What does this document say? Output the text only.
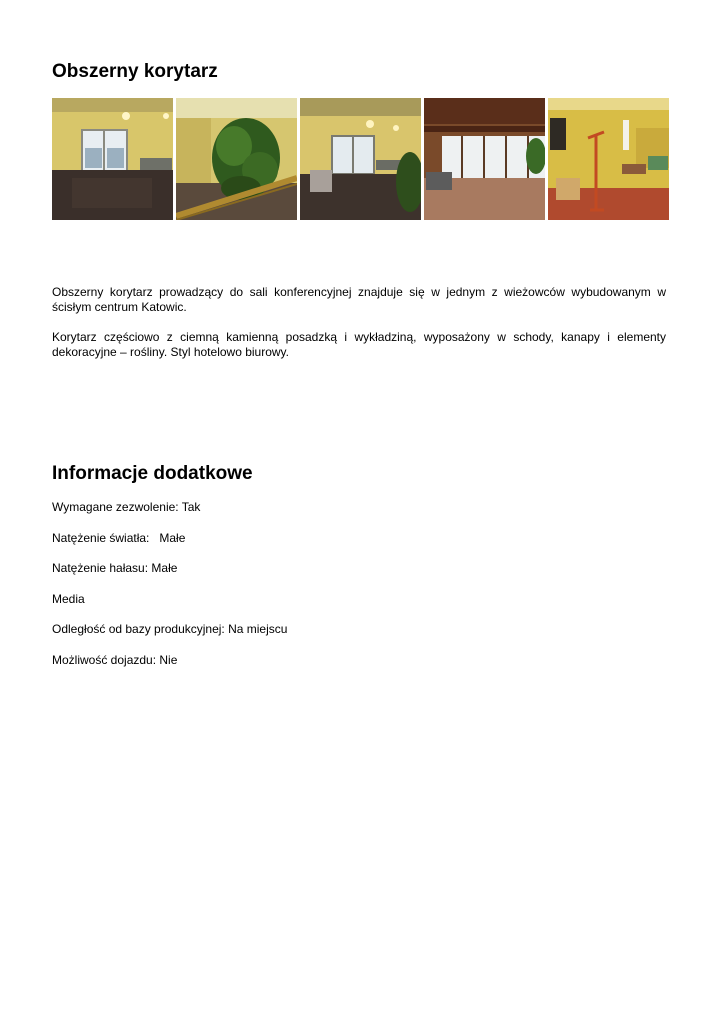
Obszerny korytarz

Obszerny korytarz prowadzący do sali konferencyjnej znajduje się w jednym z wieżowców wybudowanym w ścisłym centrum Katowic.

Korytarz częściowo z ciemną kamienną posadzką i wykładziną, wyposażony w schody, kanapy i elementy dekoracyjne – rośliny. Styl hotelowo biurowy.

Informacje dodatkowe

Wymagane zezwolenie: Tak

Natężenie światła:   Małe

Natężenie hałasu: Małe

Media

Odległość od bazy produkcyjnej: Na miejscu

Możliwość dojazdu: Nie
